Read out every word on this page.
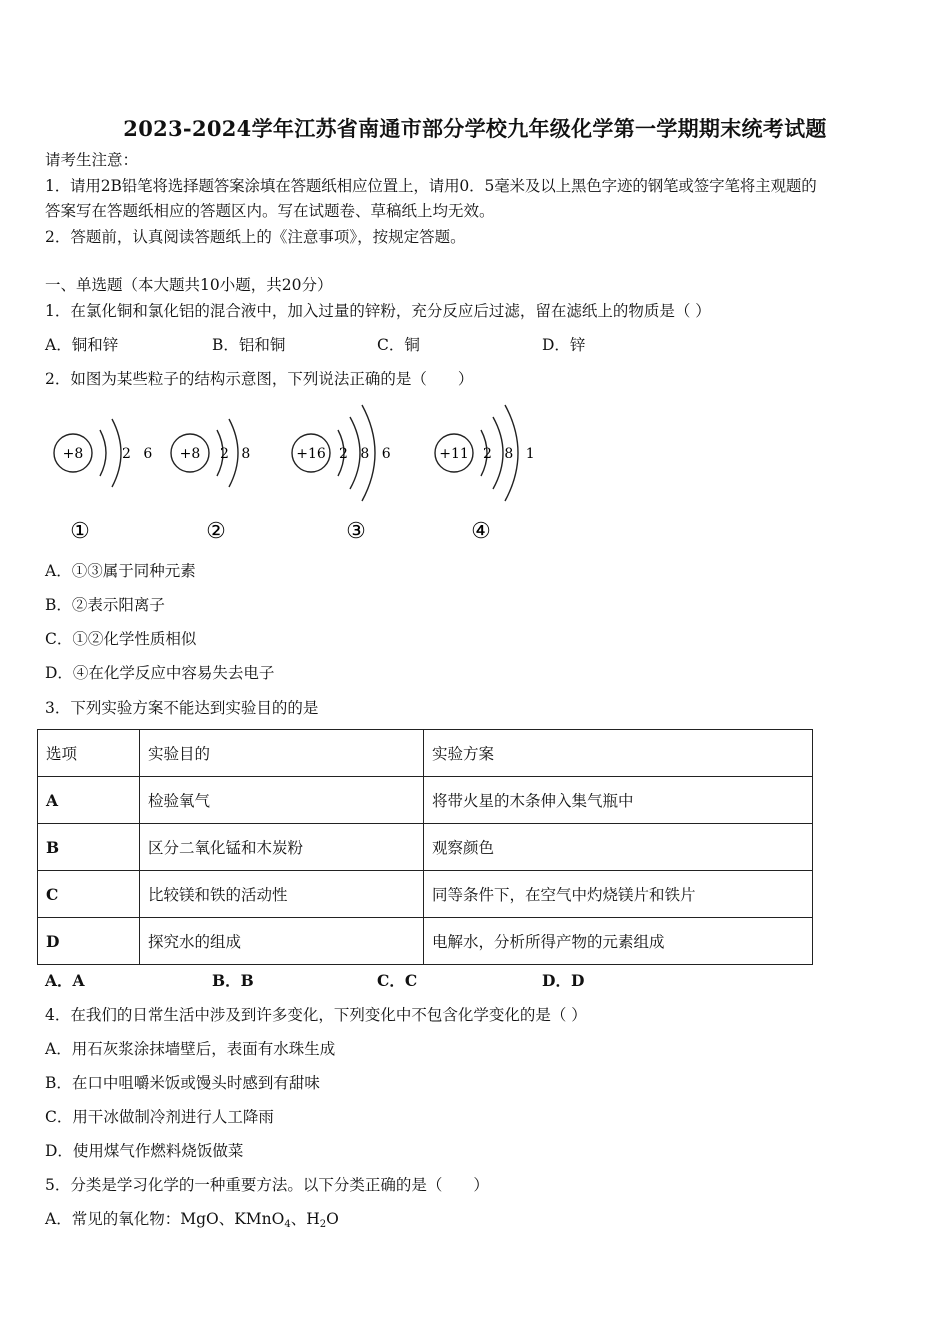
2023-2024学年江苏省南通市部分学校九年级化学第一学期期末统考试题
请考生注意：
1．请用2B铅笔将选择题答案涂填在答题纸相应位置上，请用0．5毫米及以上黑色字迹的钢笔或签字笔将主观题的
答案写在答题纸相应的答题区内。写在试题卷、草稿纸上均无效。
2．答题前，认真阅读答题纸上的《注意事项》，按规定答题。
一、单选题（本大题共10小题，共20分）
1．在氯化铜和氯化铝的混合液中，加入过量的锌粉，充分反应后过滤，留在滤纸上的物质是（ ）
A．铜和锌	B．铝和铜	C．铜	D．锌
2．如图为某些粒子的结构示意图，下列说法正确的是（　　）
+8	2 6
①
+8 2 8
②
+16 2 8 6
③
+11 2 8 1
④
A．①③属于同种元素
B．②表示阳离子
C．①②化学性质相似
D．④在化学反应中容易失去电子
3．下列实验方案不能达到实验目的的是
选项	实验目的	实验方案
A	检验氧气	将带火星的木条伸入集气瓶中
B	区分二氧化锰和木炭粉	观察颜色
C	比较镁和铁的活动性	同等条件下，在空气中灼烧镁片和铁片
D	探究水的组成	电解水，分析所得产物的元素组成
A．A	B．B	C．C	D．D
4．在我们的日常生活中涉及到许多变化，下列变化中不包含化学变化的是（ ）
A．用石灰浆涂抹墙壁后，表面有水珠生成
B．在口中咀嚼米饭或馒头时感到有甜味
C．用干冰做制冷剂进行人工降雨
D．使用煤气作燃料烧饭做菜
5．分类是学习化学的一种重要方法。以下分类正确的是（　　）
A．常见的氧化物：MgO、KMnO$_4$、$H_2O$
